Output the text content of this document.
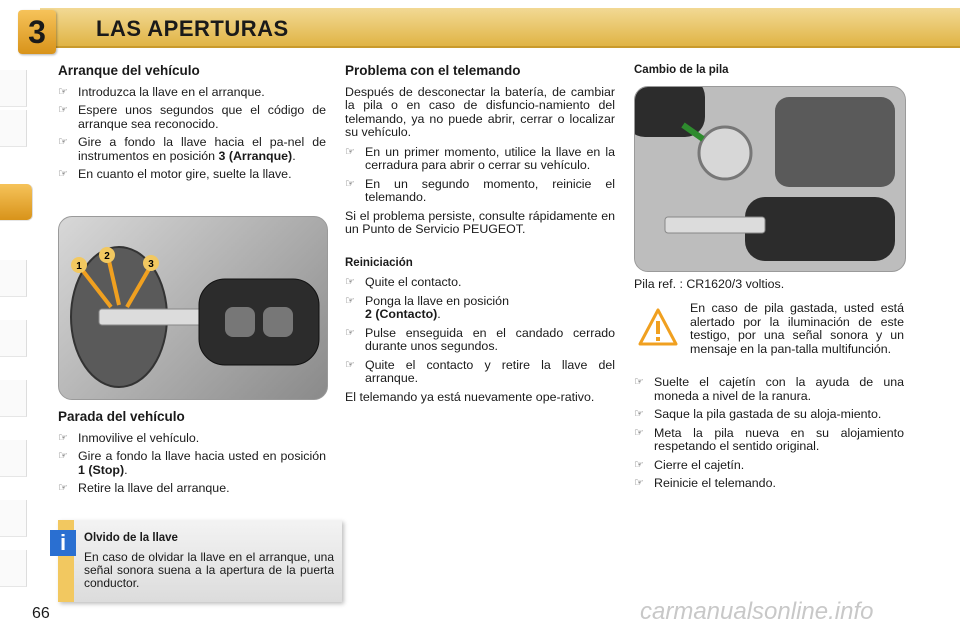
3	LAS APERTURAS
Arranque del vehículo
☞ Introduzca la llave en el arranque.
☞ Espere unos segundos que el código de arranque sea reconocido.
☞ Gire a fondo la llave hacia el pa-nel de instrumentos en posición 3 (Arranque).
☞ En cuanto el motor gire, suelte la llave.
1
2
3
Parada del vehículo
☞ Inmovilive el vehículo.
☞ Gire a fondo la llave hacia usted en posición 1 (Stop).
☞ Retire la llave del arranque.
Olvido de la llave

En caso de olvidar la llave en el arranque, una señal sonora suena a la apertura de la puerta conductor.

i
Problema con el telemando

Después de desconectar la batería, de cambiar la pila o en caso de disfuncio-namiento del telemando, ya no puede abrir, cerrar o localizar su vehículo.

☞ En un primer momento, utilice la llave en la cerradura para abrir o cerrar su vehículo.
☞ En un segundo momento, reinicie el telemando.

Si el problema persiste, consulte rápidamente en un Punto de Servicio PEUGEOT.

Reiniciación
☞ Quite el contacto.
☞ Ponga la llave en posición
2 (Contacto).
☞ Pulse enseguida en el candado cerrado durante unos segundos.
☞ Quite el contacto y retire la llave del arranque.

El telemando ya está nuevamente ope-rativo.

Cambio de la pila

Pila ref. : CR1620/3 voltios.

En caso de pila gastada, usted está alertado por la iluminación de este testigo, por una señal sonora y un mensaje en la pan-talla multifunción.

☞ Suelte el cajetín con la ayuda de una moneda a nivel de la ranura.
☞ Saque la pila gastada de su aloja-miento.
☞ Meta la pila nueva en su alojamiento respetando el sentido original.
☞ Cierre el cajetín.
☞ Reinicie el telemando.
66	carmanualsonline.info
